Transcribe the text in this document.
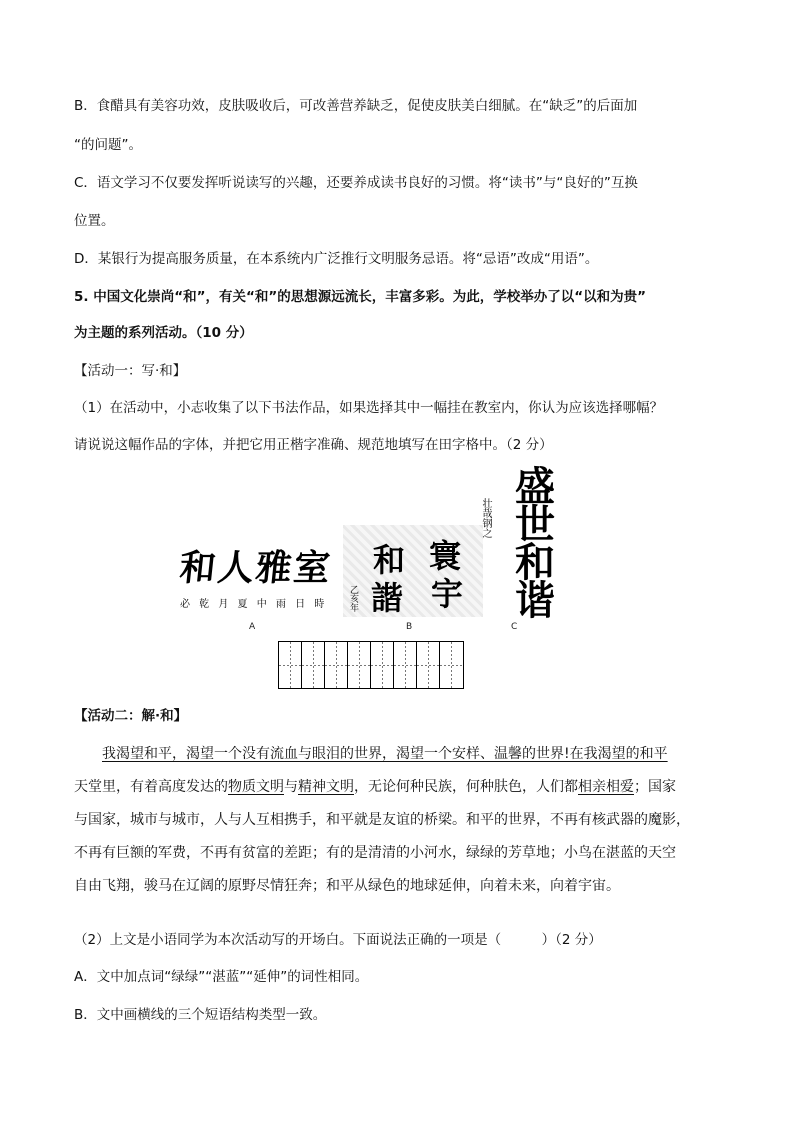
B．食醋具有美容功效，皮肤吸收后，可改善营养缺乏，促使皮肤美白细腻。在“缺乏”的后面加
“的问题”。
C．语文学习不仅要发挥听说读写的兴趣，还要养成读书良好的习惯。将“读书”与“良好的”互换
位置。
D．某银行为提高服务质量，在本系统内广泛推行文明服务忌语。将“忌语”改成“用语”。
5. 中国文化崇尚“和”，有关“和”的思想源远流长，丰富多彩。为此，学校举办了以“以和为贵”
为主题的系列活动。（10 分）
【活动一：写·和】
（1）在活动中，小志收集了以下书法作品，如果选择其中一幅挂在教室内，你认为应该选择哪幅？
请说说这幅作品的字体，并把它用正楷字准确、规范地填写在田字格中。（2 分）
和人雅室
必 乾 月 夏 中 雨 日 時
A
和
諧
寰
宇
乙亥年
B
盛世和谐
壮哉钢之
C
【活动二：解·和】
我渴望和平，渴望一个没有流血与眼泪的世界，渴望一个安样、温馨的世界!在我渴望的和平
天堂里，有着高度发达的物质文明与精神文明，无论何种民族，何种肤色，人们都相亲相爱；国家
与国家，城市与城市，人与人互相携手，和平就是友谊的桥梁。和平的世界，不再有核武器的魔影，
不再有巨额的军费，不再有贫富的差距；有的是清清的小河水，绿绿的芳草地；小鸟在湛蓝的天空
自由飞翔，骏马在辽阔的原野尽情狂奔；和平从绿色的地球延伸，向着未来，向着宇宙。
（2）上文是小语同学为本次活动写的开场白。下面说法正确的一项是（　　　）（2 分）
A．文中加点词“绿绿”“湛蓝”“延伸”的词性相同。
B．文中画横线的三个短语结构类型一致。
